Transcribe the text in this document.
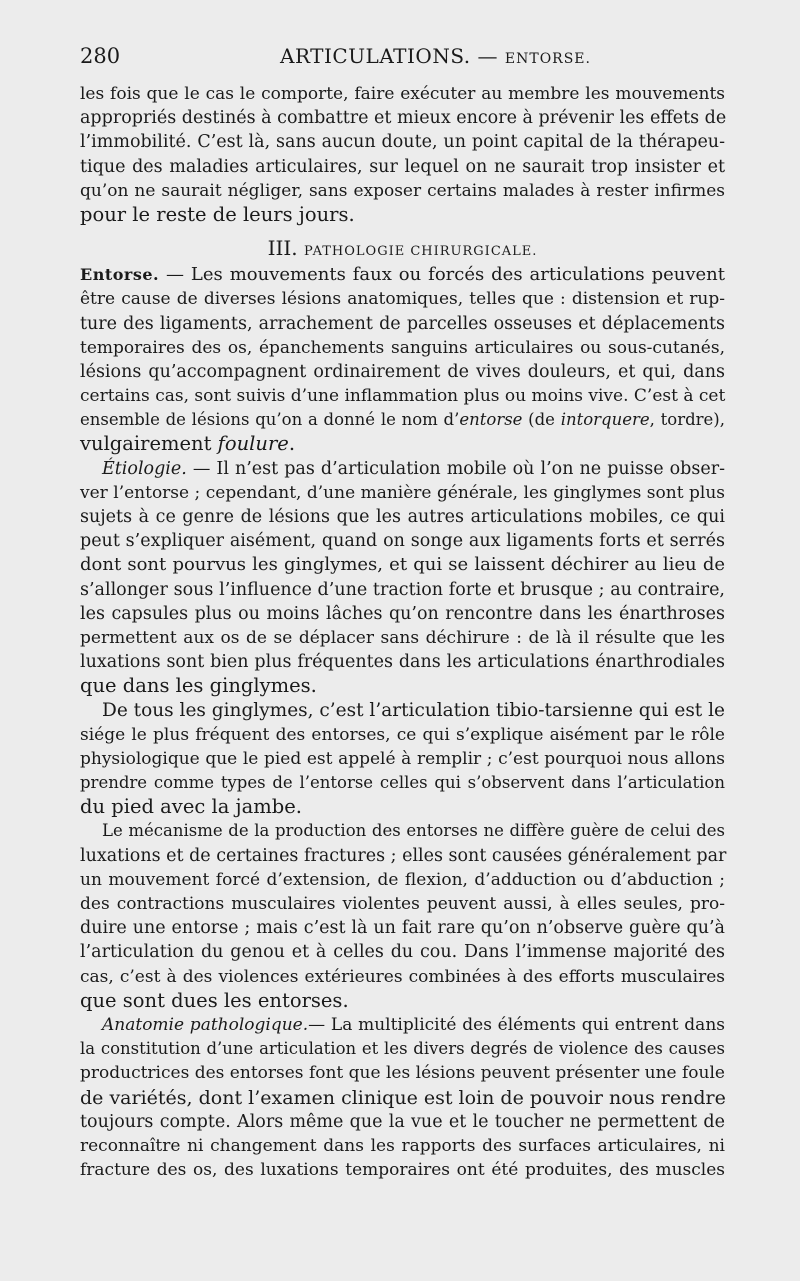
280	ARTICULATIONS. — ENTORSE.
les fois que le cas le comporte, faire exécuter au membre les mouvements
appropriés destinés à combattre et mieux encore à prévenir les effets de
l’immobilité. C’est là, sans aucun doute, un point capital de la thérapeu-
tique des maladies articulaires, sur lequel on ne saurait trop insister et
qu’on ne saurait négliger, sans exposer certains malades à rester infirmes
pour le reste de leurs jours.
III. PATHOLOGIE CHIRURGICALE.
Entorse. — Les mouvements faux ou forcés des articulations peuvent
être cause de diverses lésions anatomiques, telles que : distension et rup-
ture des ligaments, arrachement de parcelles osseuses et déplacements
temporaires des os, épanchements sanguins articulaires ou sous-cutanés,
lésions qu’accompagnent ordinairement de vives douleurs, et qui, dans
certains cas, sont suivis d’une inflammation plus ou moins vive. C’est à cet
ensemble de lésions qu’on a donné le nom d’entorse (de intorquere, tordre),
vulgairement foulure.
Étiologie. — Il n’est pas d’articulation mobile où l’on ne puisse obser-
ver l’entorse ; cependant, d’une manière générale, les ginglymes sont plus
sujets à ce genre de lésions que les autres articulations mobiles, ce qui
peut s’expliquer aisément, quand on songe aux ligaments forts et serrés
dont sont pourvus les ginglymes, et qui se laissent déchirer au lieu de
s’allonger sous l’influence d’une traction forte et brusque ; au contraire,
les capsules plus ou moins lâches qu’on rencontre dans les énarthroses
permettent aux os de se déplacer sans déchirure : de là il résulte que les
luxations sont bien plus fréquentes dans les articulations énarthrodiales
que dans les ginglymes.
De tous les ginglymes, c’est l’articulation tibio-tarsienne qui est le
siége le plus fréquent des entorses, ce qui s’explique aisément par le rôle
physiologique que le pied est appelé à remplir ; c’est pourquoi nous allons
prendre comme types de l’entorse celles qui s’observent dans l’articulation
du pied avec la jambe.
Le mécanisme de la production des entorses ne diffère guère de celui des
luxations et de certaines fractures ; elles sont causées généralement par
un mouvement forcé d’extension, de flexion, d’adduction ou d’abduction ;
des contractions musculaires violentes peuvent aussi, à elles seules, pro-
duire une entorse ; mais c’est là un fait rare qu’on n’observe guère qu’à
l’articulation du genou et à celles du cou. Dans l’immense majorité des
cas, c’est à des violences extérieures combinées à des efforts musculaires
que sont dues les entorses.
Anatomie pathologique.— La multiplicité des éléments qui entrent dans
la constitution d’une articulation et les divers degrés de violence des causes
productrices des entorses font que les lésions peuvent présenter une foule
de variétés, dont l’examen clinique est loin de pouvoir nous rendre
toujours compte. Alors même que la vue et le toucher ne permettent de
reconnaître ni changement dans les rapports des surfaces articulaires, ni
fracture des os, des luxations temporaires ont été produites, des muscles
